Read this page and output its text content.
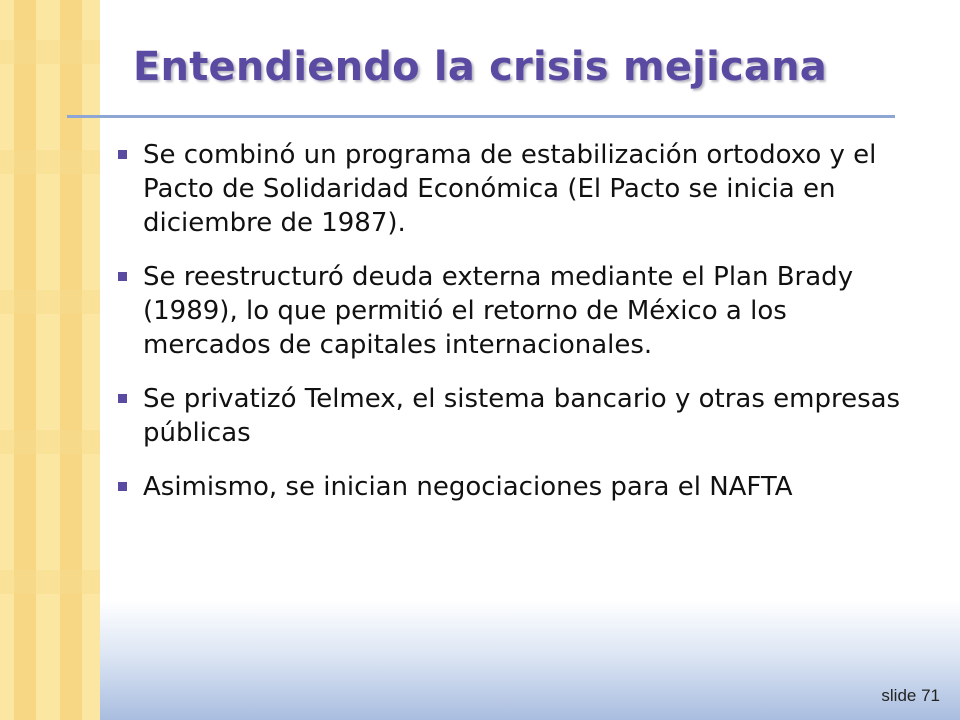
Entendiendo la crisis mejicana
Se combinó un programa de estabilización ortodoxo y el Pacto de Solidaridad Económica (El Pacto se inicia en diciembre de 1987).
Se reestructuró deuda externa mediante el Plan Brady (1989), lo que permitió el retorno de México a los mercados de capitales internacionales.
Se privatizó Telmex, el sistema bancario y otras empresas públicas
Asimismo, se inician negociaciones para el NAFTA
slide 71
